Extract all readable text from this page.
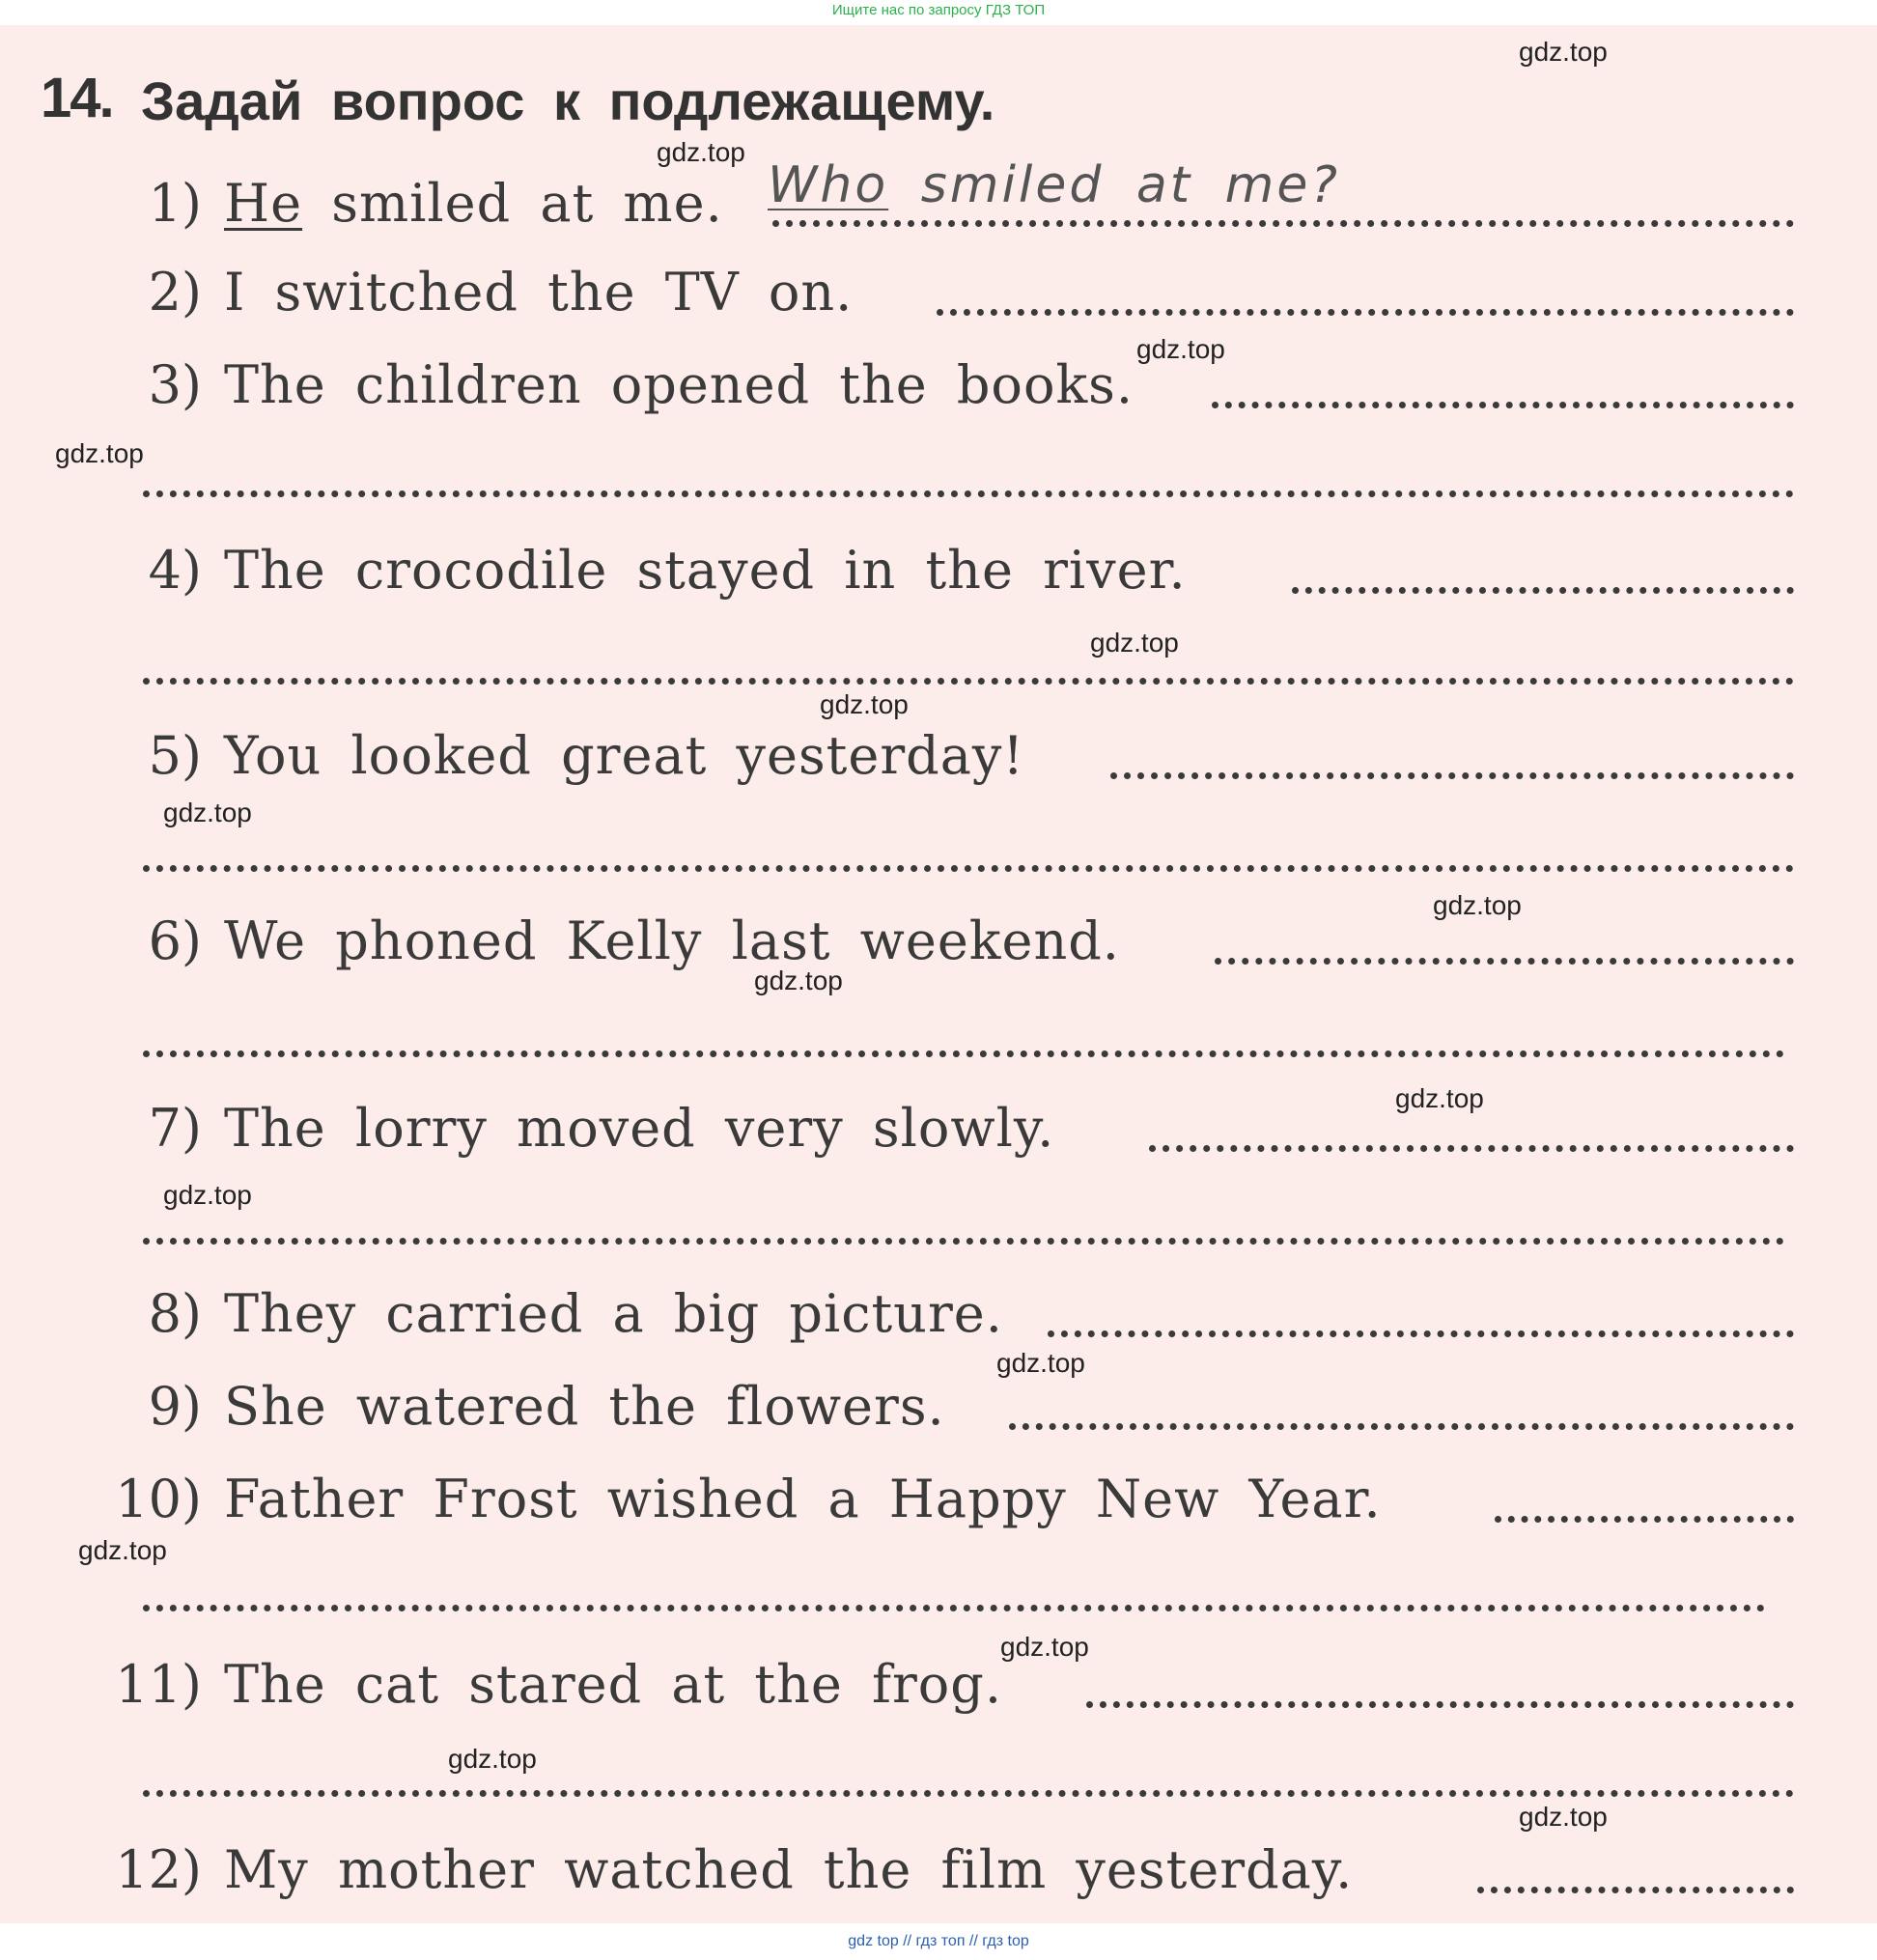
Ищите нас по запросу ГДЗ ТОП
14. Задай вопрос к подлежащему.
1) He smiled at me. Who smiled at me?
2) I switched the TV on.
3) The children opened the books.
4) The crocodile stayed in the river.
5) You looked great yesterday!
6) We phoned Kelly last weekend.
7) The lorry moved very slowly.
8) They carried a big picture.
9) She watered the flowers.
10) Father Frost wished a Happy New Year.
11) The cat stared at the frog.
12) My mother watched the film yesterday.
gdz.top
gdz.top
gdz.top
gdz.top
gdz.top
gdz.top
gdz.top
gdz.top
gdz.top
gdz.top
gdz.top
gdz.top
gdz.top
gdz.top
gdz.top
gdz.top
gdz top // гдз топ // гдз top
